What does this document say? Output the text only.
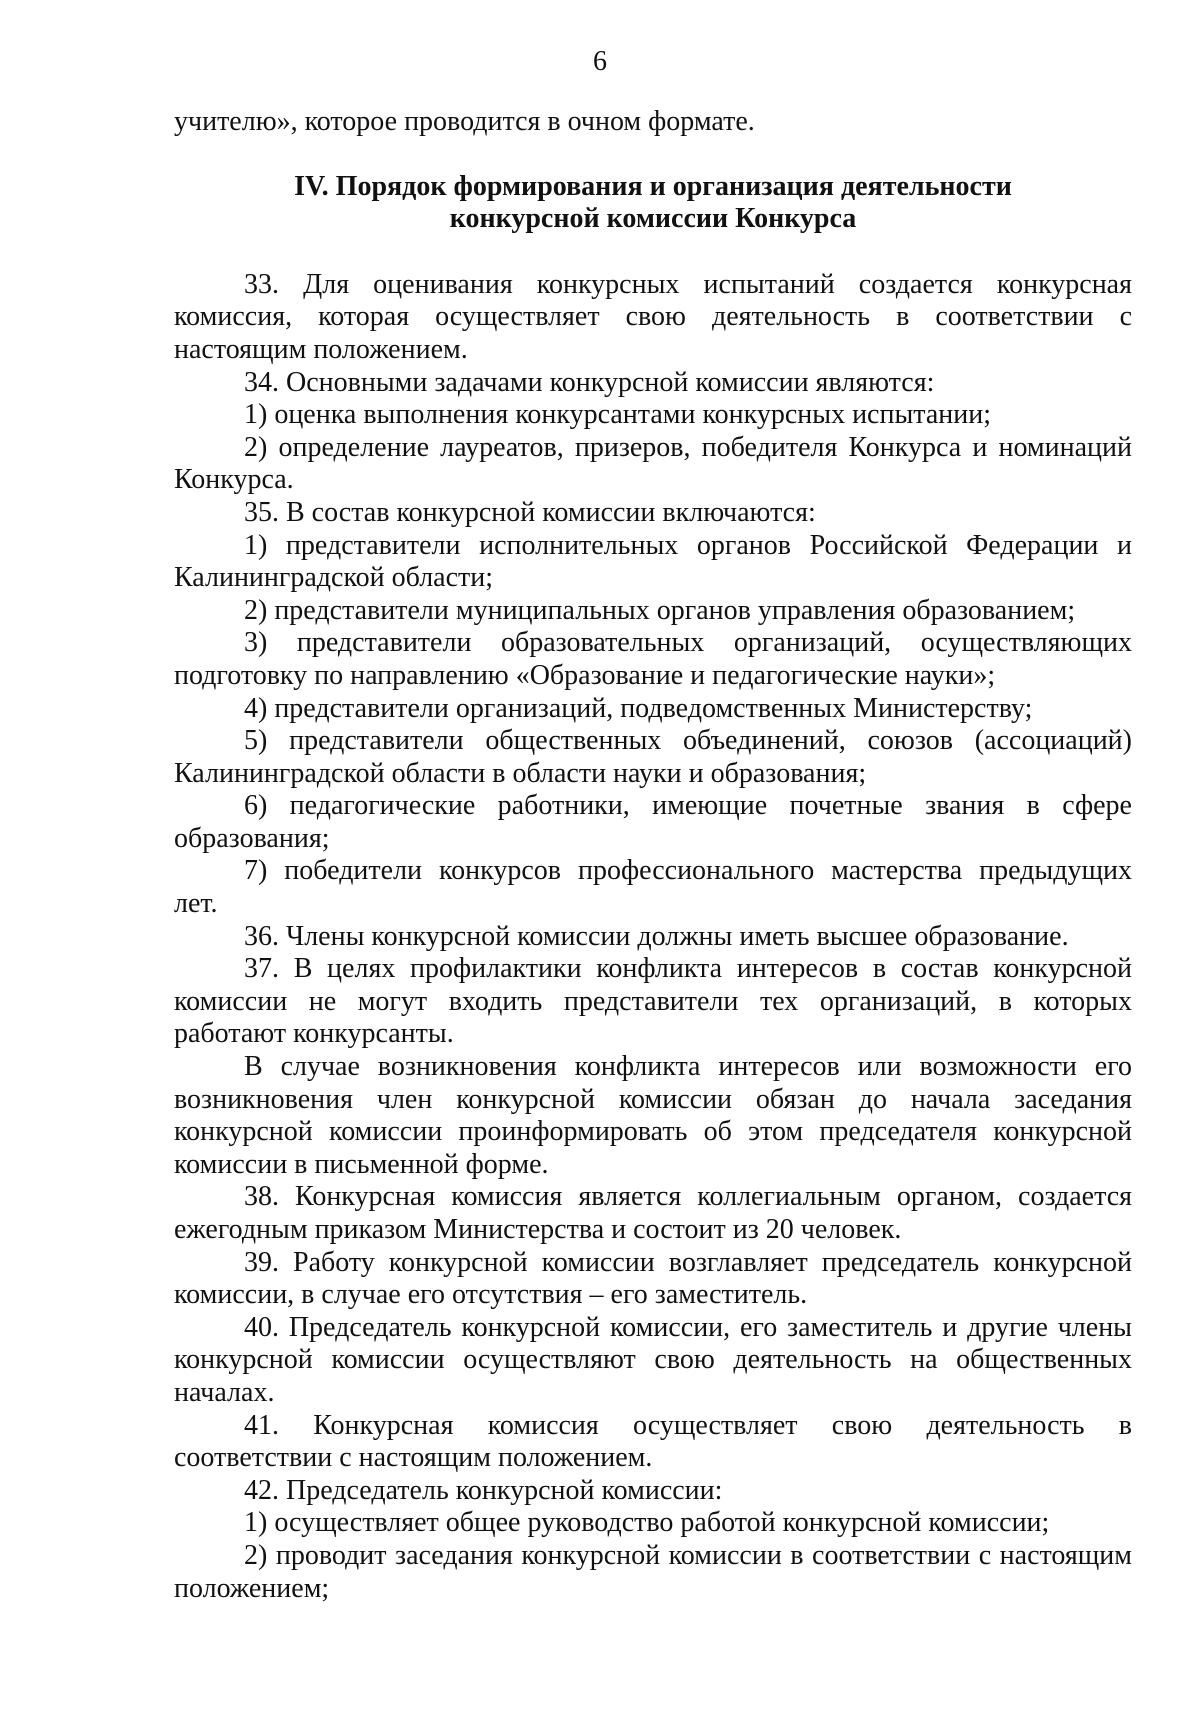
6

учителю», которое проводится в очном формате.

IV. Порядок формирования и организация деятельности
конкурсной комиссии Конкурса

33. Для оценивания конкурсных испытаний создается конкурсная комиссия, которая осуществляет свою деятельность в соответствии с настоящим положением.

34. Основными задачами конкурсной комиссии являются:

1) оценка выполнения конкурсантами конкурсных испытании;

2) определение лауреатов, призеров, победителя Конкурса и номинаций Конкурса.

35. В состав конкурсной комиссии включаются:

1) представители исполнительных органов Российской Федерации и Калининградской области;

2) представители муниципальных органов управления образованием;

3) представители образовательных организаций, осуществляющих подготовку по направлению «Образование и педагогические науки»;

4) представители организаций, подведомственных Министерству;

5) представители общественных объединений, союзов (ассоциаций) Калининградской области в области науки и образования;

6) педагогические работники, имеющие почетные звания в сфере образования;

7) победители конкурсов профессионального мастерства предыдущих лет.

36. Члены конкурсной комиссии должны иметь высшее образование.

37. В целях профилактики конфликта интересов в состав конкурсной комиссии не могут входить представители тех организаций, в которых работают конкурсанты.

В случае возникновения конфликта интересов или возможности его возникновения член конкурсной комиссии обязан до начала заседания конкурсной комиссии проинформировать об этом председателя конкурсной комиссии в письменной форме.

38. Конкурсная комиссия является коллегиальным органом, создается ежегодным приказом Министерства и состоит из 20 человек.

39. Работу конкурсной комиссии возглавляет председатель конкурсной комиссии, в случае его отсутствия – его заместитель.

40. Председатель конкурсной комиссии, его заместитель и другие члены конкурсной комиссии осуществляют свою деятельность на общественных началах.

41. Конкурсная комиссия осуществляет свою деятельность в соответствии с настоящим положением.

42. Председатель конкурсной комиссии:

1) осуществляет общее руководство работой конкурсной комиссии;

2) проводит заседания конкурсной комиссии в соответствии с настоящим положением;
